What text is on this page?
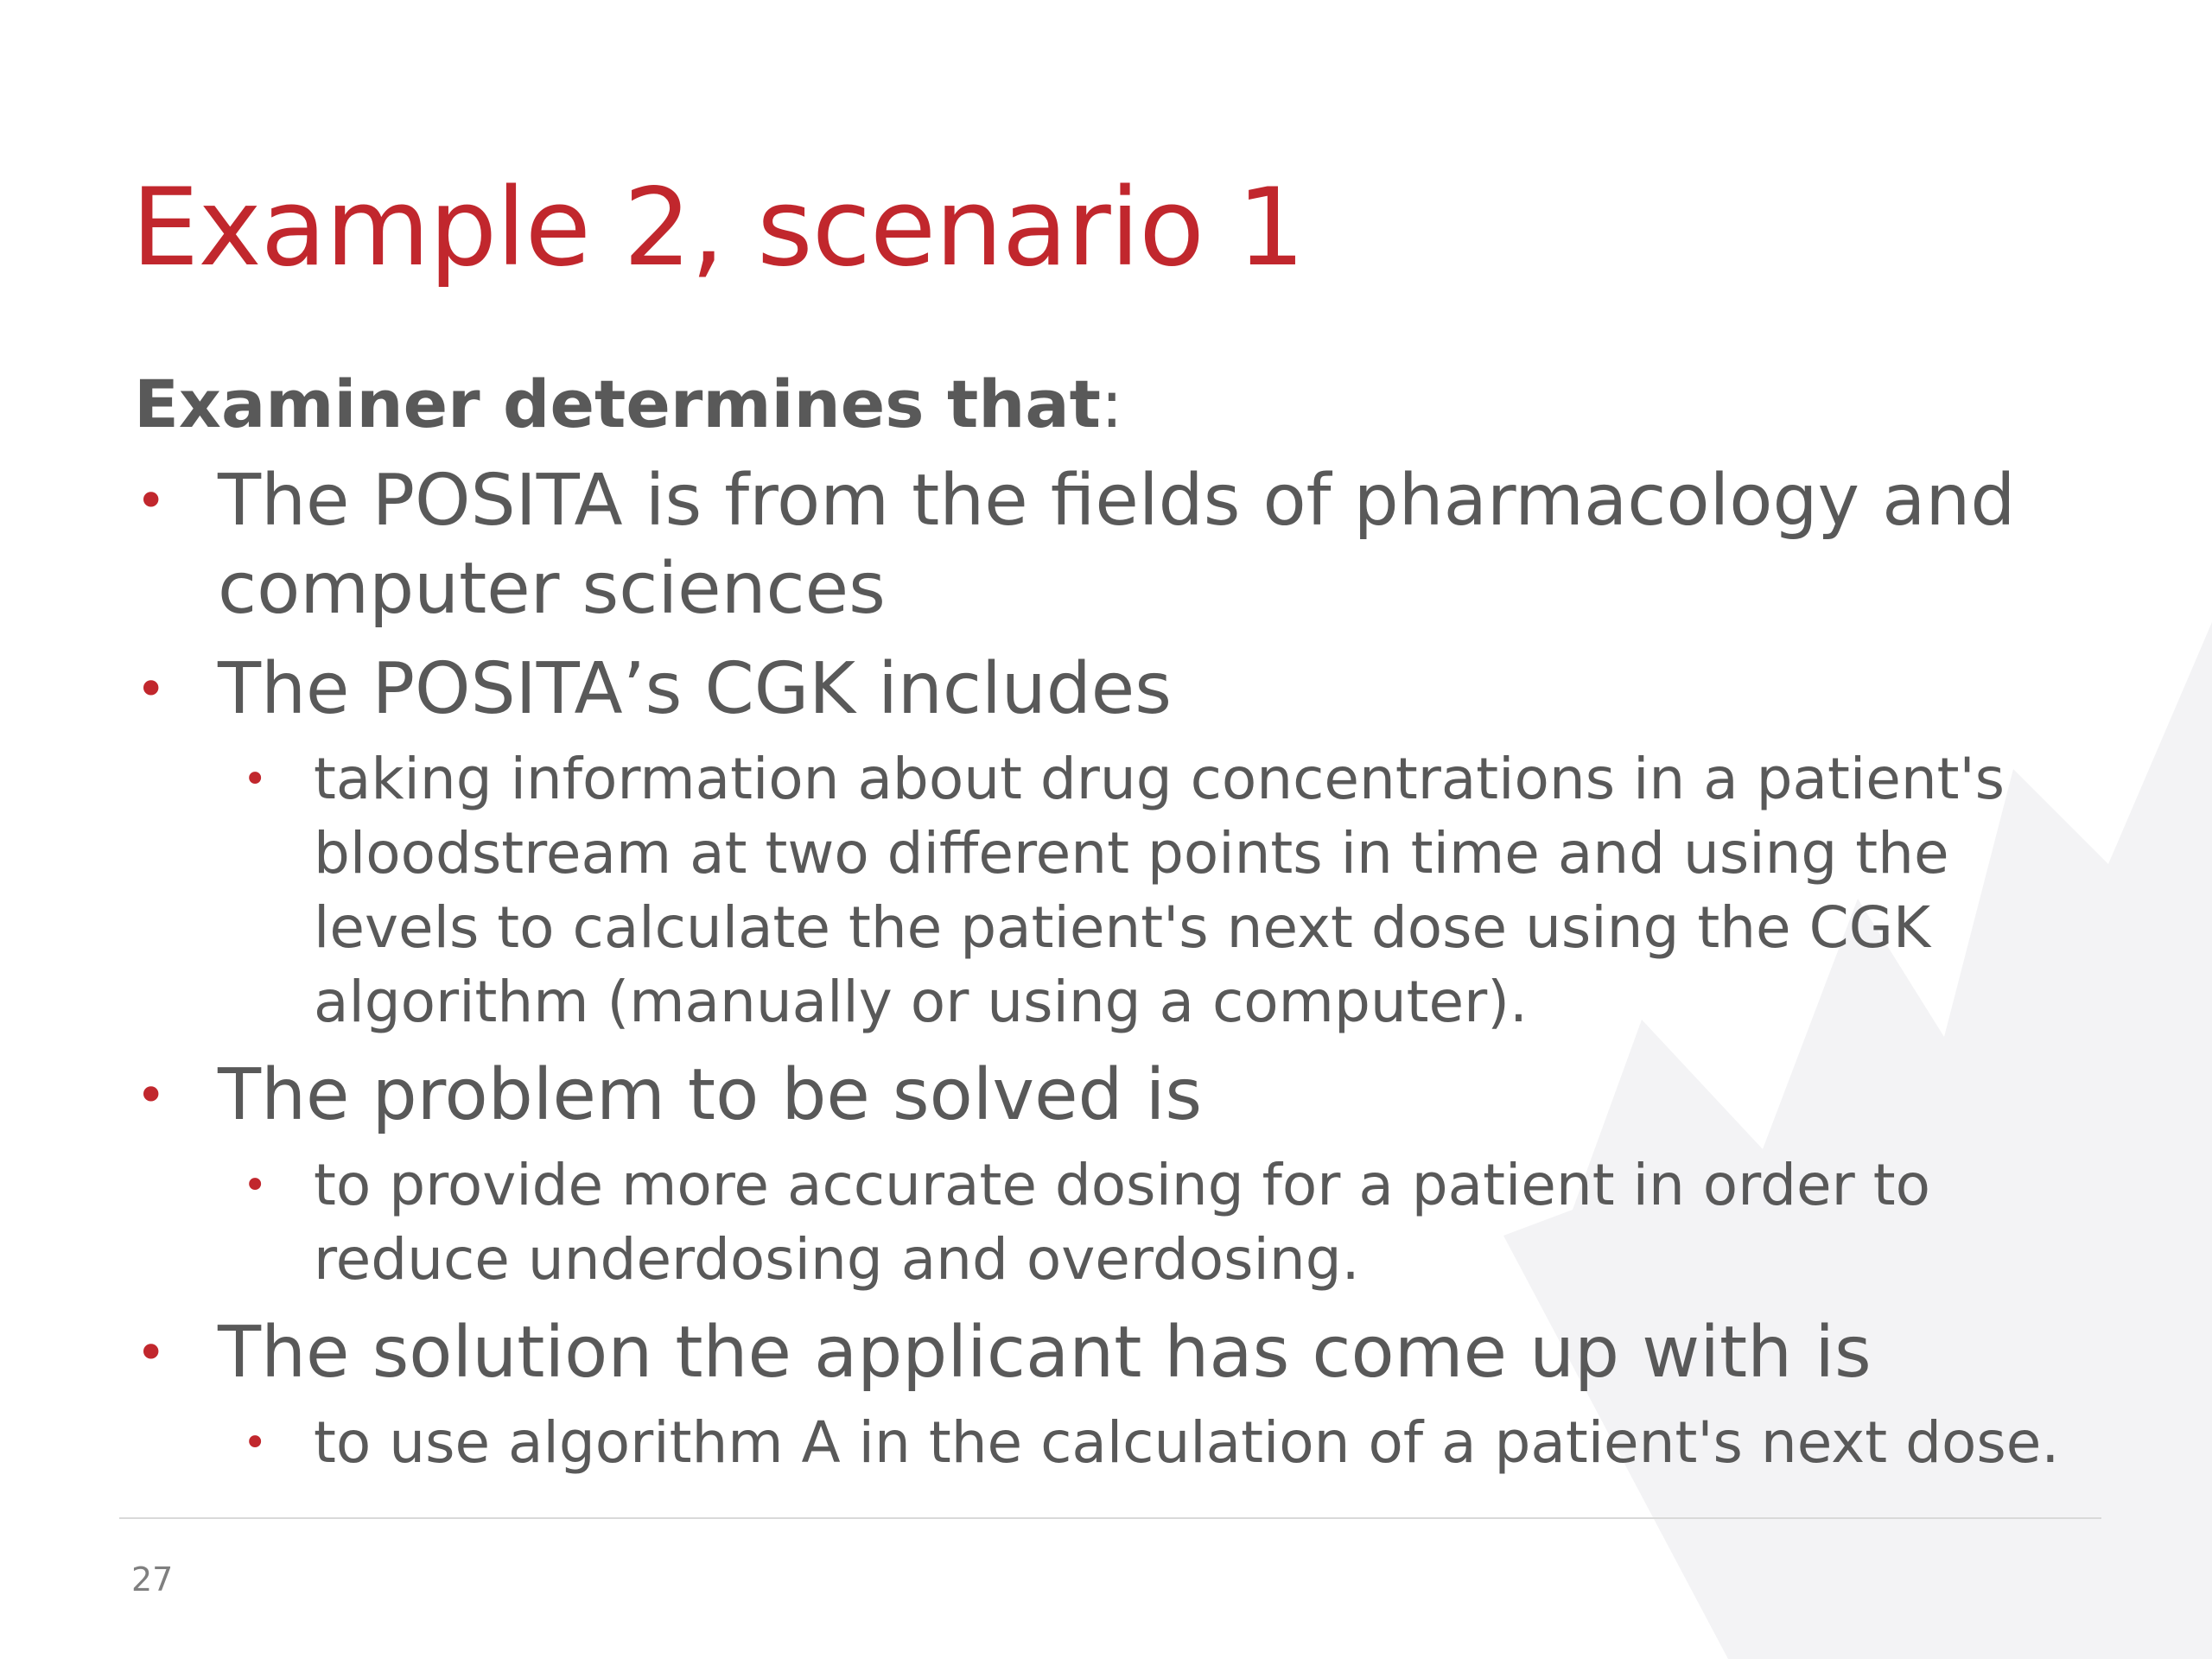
Example 2, scenario 1
Examiner determines that:
• The POSITA is from the fields of pharmacology and computer sciences
• The POSITA’s CGK includes
• taking information about drug concentrations in a patient's bloodstream at two different points in time and using the levels to calculate the patient's next dose using the CGK algorithm (manually or using a computer).
• The problem to be solved is
• to provide more accurate dosing for a patient in order to reduce underdosing and overdosing.
• The solution the applicant has come up with is
• to use algorithm A in the calculation of a patient's next dose.
27
